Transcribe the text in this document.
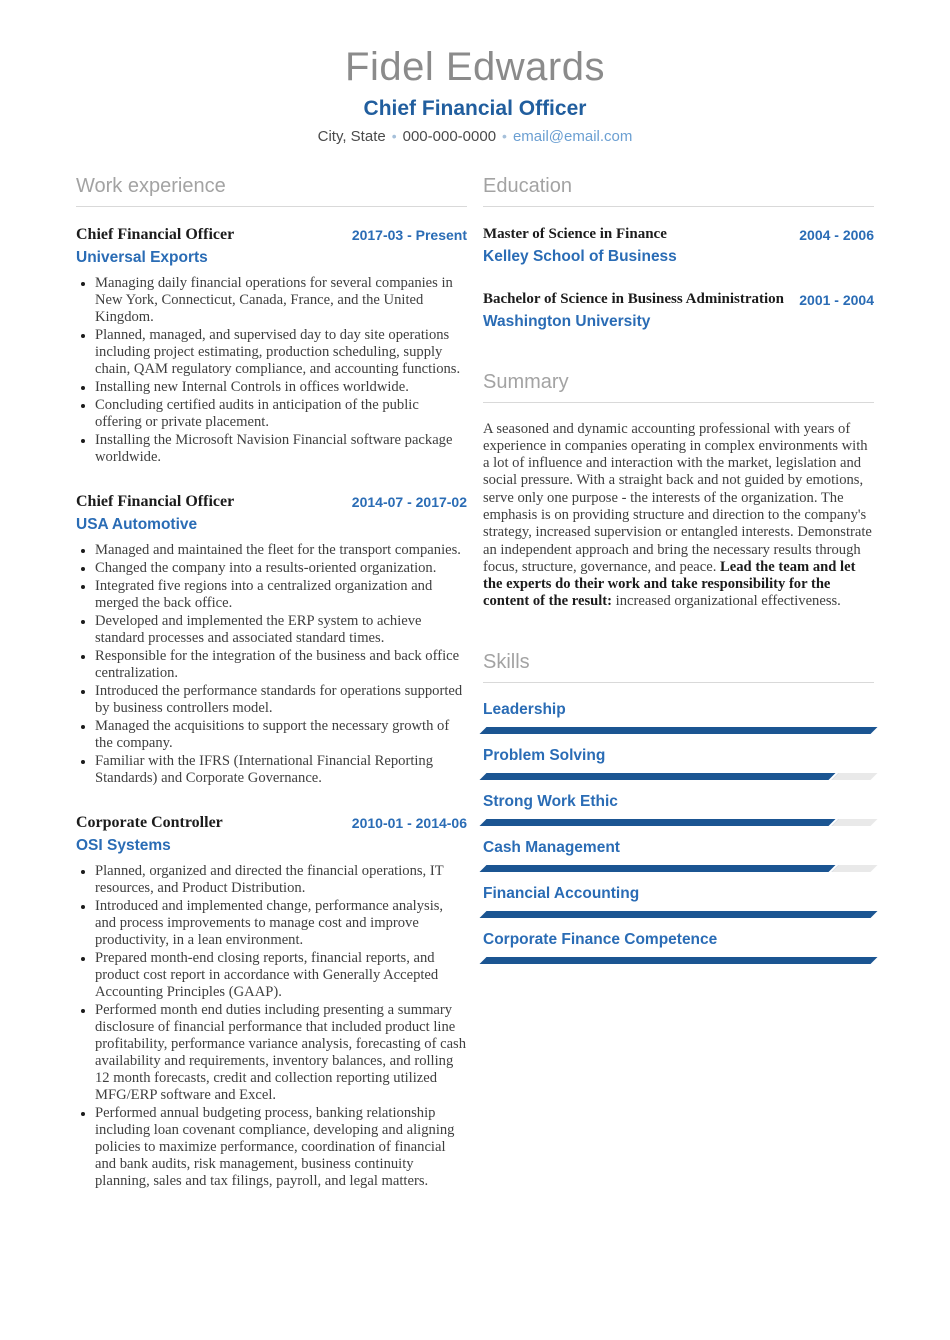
Fidel Edwards
Chief Financial Officer
City, State • 000-000-0000 • email@email.com
Work experience
Chief Financial Officer	2017-03 - Present
Universal Exports
• Managing daily financial operations for several companies in New York, Connecticut, Canada, France, and the United Kingdom.
• Planned, managed, and supervised day to day site operations including project estimating, production scheduling, supply chain, QAM regulatory compliance, and accounting functions.
• Installing new Internal Controls in offices worldwide.
• Concluding certified audits in anticipation of the public offering or private placement.
• Installing the Microsoft Navision Financial software package worldwide.
Chief Financial Officer	2014-07 - 2017-02
USA Automotive
• Managed and maintained the fleet for the transport companies.
• Changed the company into a results-oriented organization.
• Integrated five regions into a centralized organization and merged the back office.
• Developed and implemented the ERP system to achieve standard processes and associated standard times.
• Responsible for the integration of the business and back office centralization.
• Introduced the performance standards for operations supported by business controllers model.
• Managed the acquisitions to support the necessary growth of the company.
• Familiar with the IFRS (International Financial Reporting Standards) and Corporate Governance.
Corporate Controller	2010-01 - 2014-06
OSI Systems
• Planned, organized and directed the financial operations, IT resources, and Product Distribution.
• Introduced and implemented change, performance analysis, and process improvements to manage cost and improve productivity, in a lean environment.
• Prepared month-end closing reports, financial reports, and product cost report in accordance with Generally Accepted Accounting Principles (GAAP).
• Performed month end duties including presenting a summary disclosure of financial performance that included product line profitability, performance variance analysis, forecasting of cash availability and requirements, inventory balances, and rolling 12 month forecasts, credit and collection reporting utilized MFG/ERP software and Excel.
• Performed annual budgeting process, banking relationship including loan covenant compliance, developing and aligning policies to maximize performance, coordination of financial and bank audits, risk management, business continuity planning, sales and tax filings, payroll, and legal matters.
Education
Master of Science in Finance	2004 - 2006
Kelley School of Business
Bachelor of Science in Business Administration 2001 - 2004
Washington University
Summary

A seasoned and dynamic accounting professional with years of experience in companies operating in complex environments with a lot of influence and interaction with the market, legislation and social pressure. With a straight back and not guided by emotions, serve only one purpose - the interests of the organization. The emphasis is on providing structure and direction to the company's strategy, increased supervision or entangled interests. Demonstrate an independent approach and bring the necessary results through focus, structure, governance, and peace. Lead the team and let the experts do their work and take responsibility for the content of the result: increased organizational effectiveness.

Skills
Leadership
Problem Solving
Strong Work Ethic
Cash Management
Financial Accounting
Corporate Finance Competence
